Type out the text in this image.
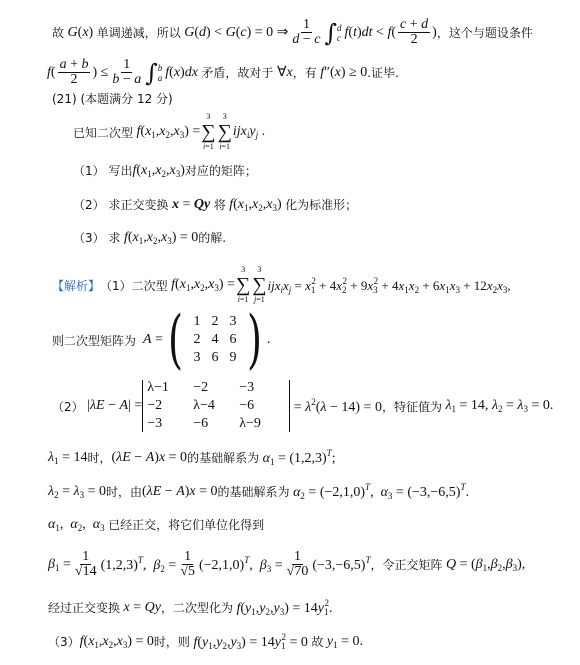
故 G(x) 单调递减，所以 G(d) < G(c) = 0 ⇒ $\frac{1}{d - c}$ ∫ d
c $f(t)dt < f( \frac{c + d}{2}$ ) ，这个与题设条件
$f( \frac{a + b}{2}$ ) ≤ $\frac{1}{b - a}$ ∫ b
a f(x)dx 矛盾，故对于 ∀x ，有 f″(x) ≥ 0 .证毕.
(21) (本题满分 12 分)
已知二次型 $f(x_1,x_2,x_3)$ =
3
∑
i=1
3
∑
i=1
$ijx_iy_j$ .
（1）
写出 $f(x_1,x_2,x_3)$ 对应的矩阵；
（2）
求正交变换 x = Qy 将 $f(x_1,x_2,x_3)$ 化为标准形；
（3）
求 $f(x_1,x_2,x_3) = 0$ 的解.
【解析】 （1）二次型 $f(x_1,x_2,x_3)$ =
3
∑
i=1
3
∑
j=1
$ijx_ix_j = x_1^2 + 4x_2^2 + 9x_3^2 + 4x_1x_2 + 6x_1x_3 + 12x_2x_3$,
则二次型矩阵为 A = ( 1 2 3
2 4 6
3 6 9 ) .
（2） |λE − A| =
λ−1	−2	−3
−2	λ−4	−6
−3	−6	λ−9
= $\lambda^2(\lambda - 14) = 0$ ，特征值为 $\lambda_1 = 14$, $\lambda_2 = \lambda_3 = 0$.
$\lambda_1 = 14$ 时， (λE − A)x = 0 的基础解系为 $\alpha_1 = (1,2,3)^T$;
$\lambda_2 = \lambda_3 = 0$ 时，由 (λE − A)x = 0 的基础解系为 $\alpha_2 = (-2,1,0)^T$,  $\alpha_3 = (-3,-6,5)^T$.
$\alpha_1$,  $\alpha_2$,  $\alpha_3$ 已经正交，将它们单位化得到
$\beta_1 = \frac{1}{√14} (1,2,3)^T$,  $\beta_2 = \frac{1}{√5} (-2,1,0)^T$,  $\beta_3 = \frac{1}{√70} (-3,-6,5)^T$ ，令正交矩阵 $Q = (\beta_1,\beta_2,\beta_3)$,
经过正交变换 x = Qy ，二次型化为 $f(y_1,y_2,y_3) = 14y_1^2$.
（3） $f(x_1,x_2,x_3) = 0$ 时，则 $f(y_1,y_2,y_3) = 14y_1^2 = 0$ 故 $y_1 = 0$.
